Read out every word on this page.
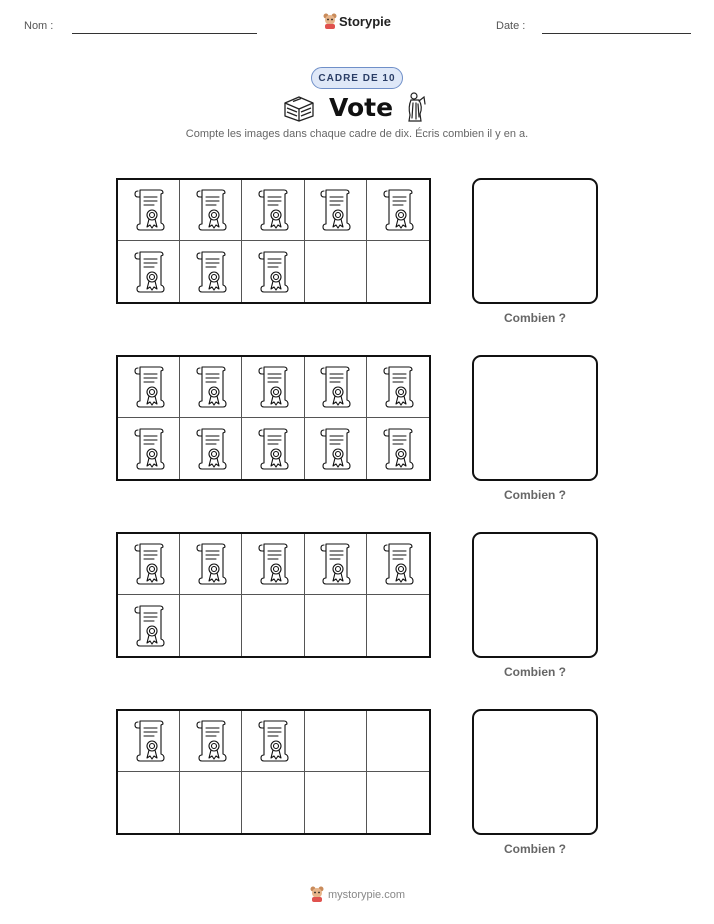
Nom :	Storypie	Date :
CADRE DE 10
Vote
Compte les images dans chaque cadre de dix. Écris combien il y en a.
Combien ?
Combien ?
Combien ?
Combien ?
mystorypie.com
